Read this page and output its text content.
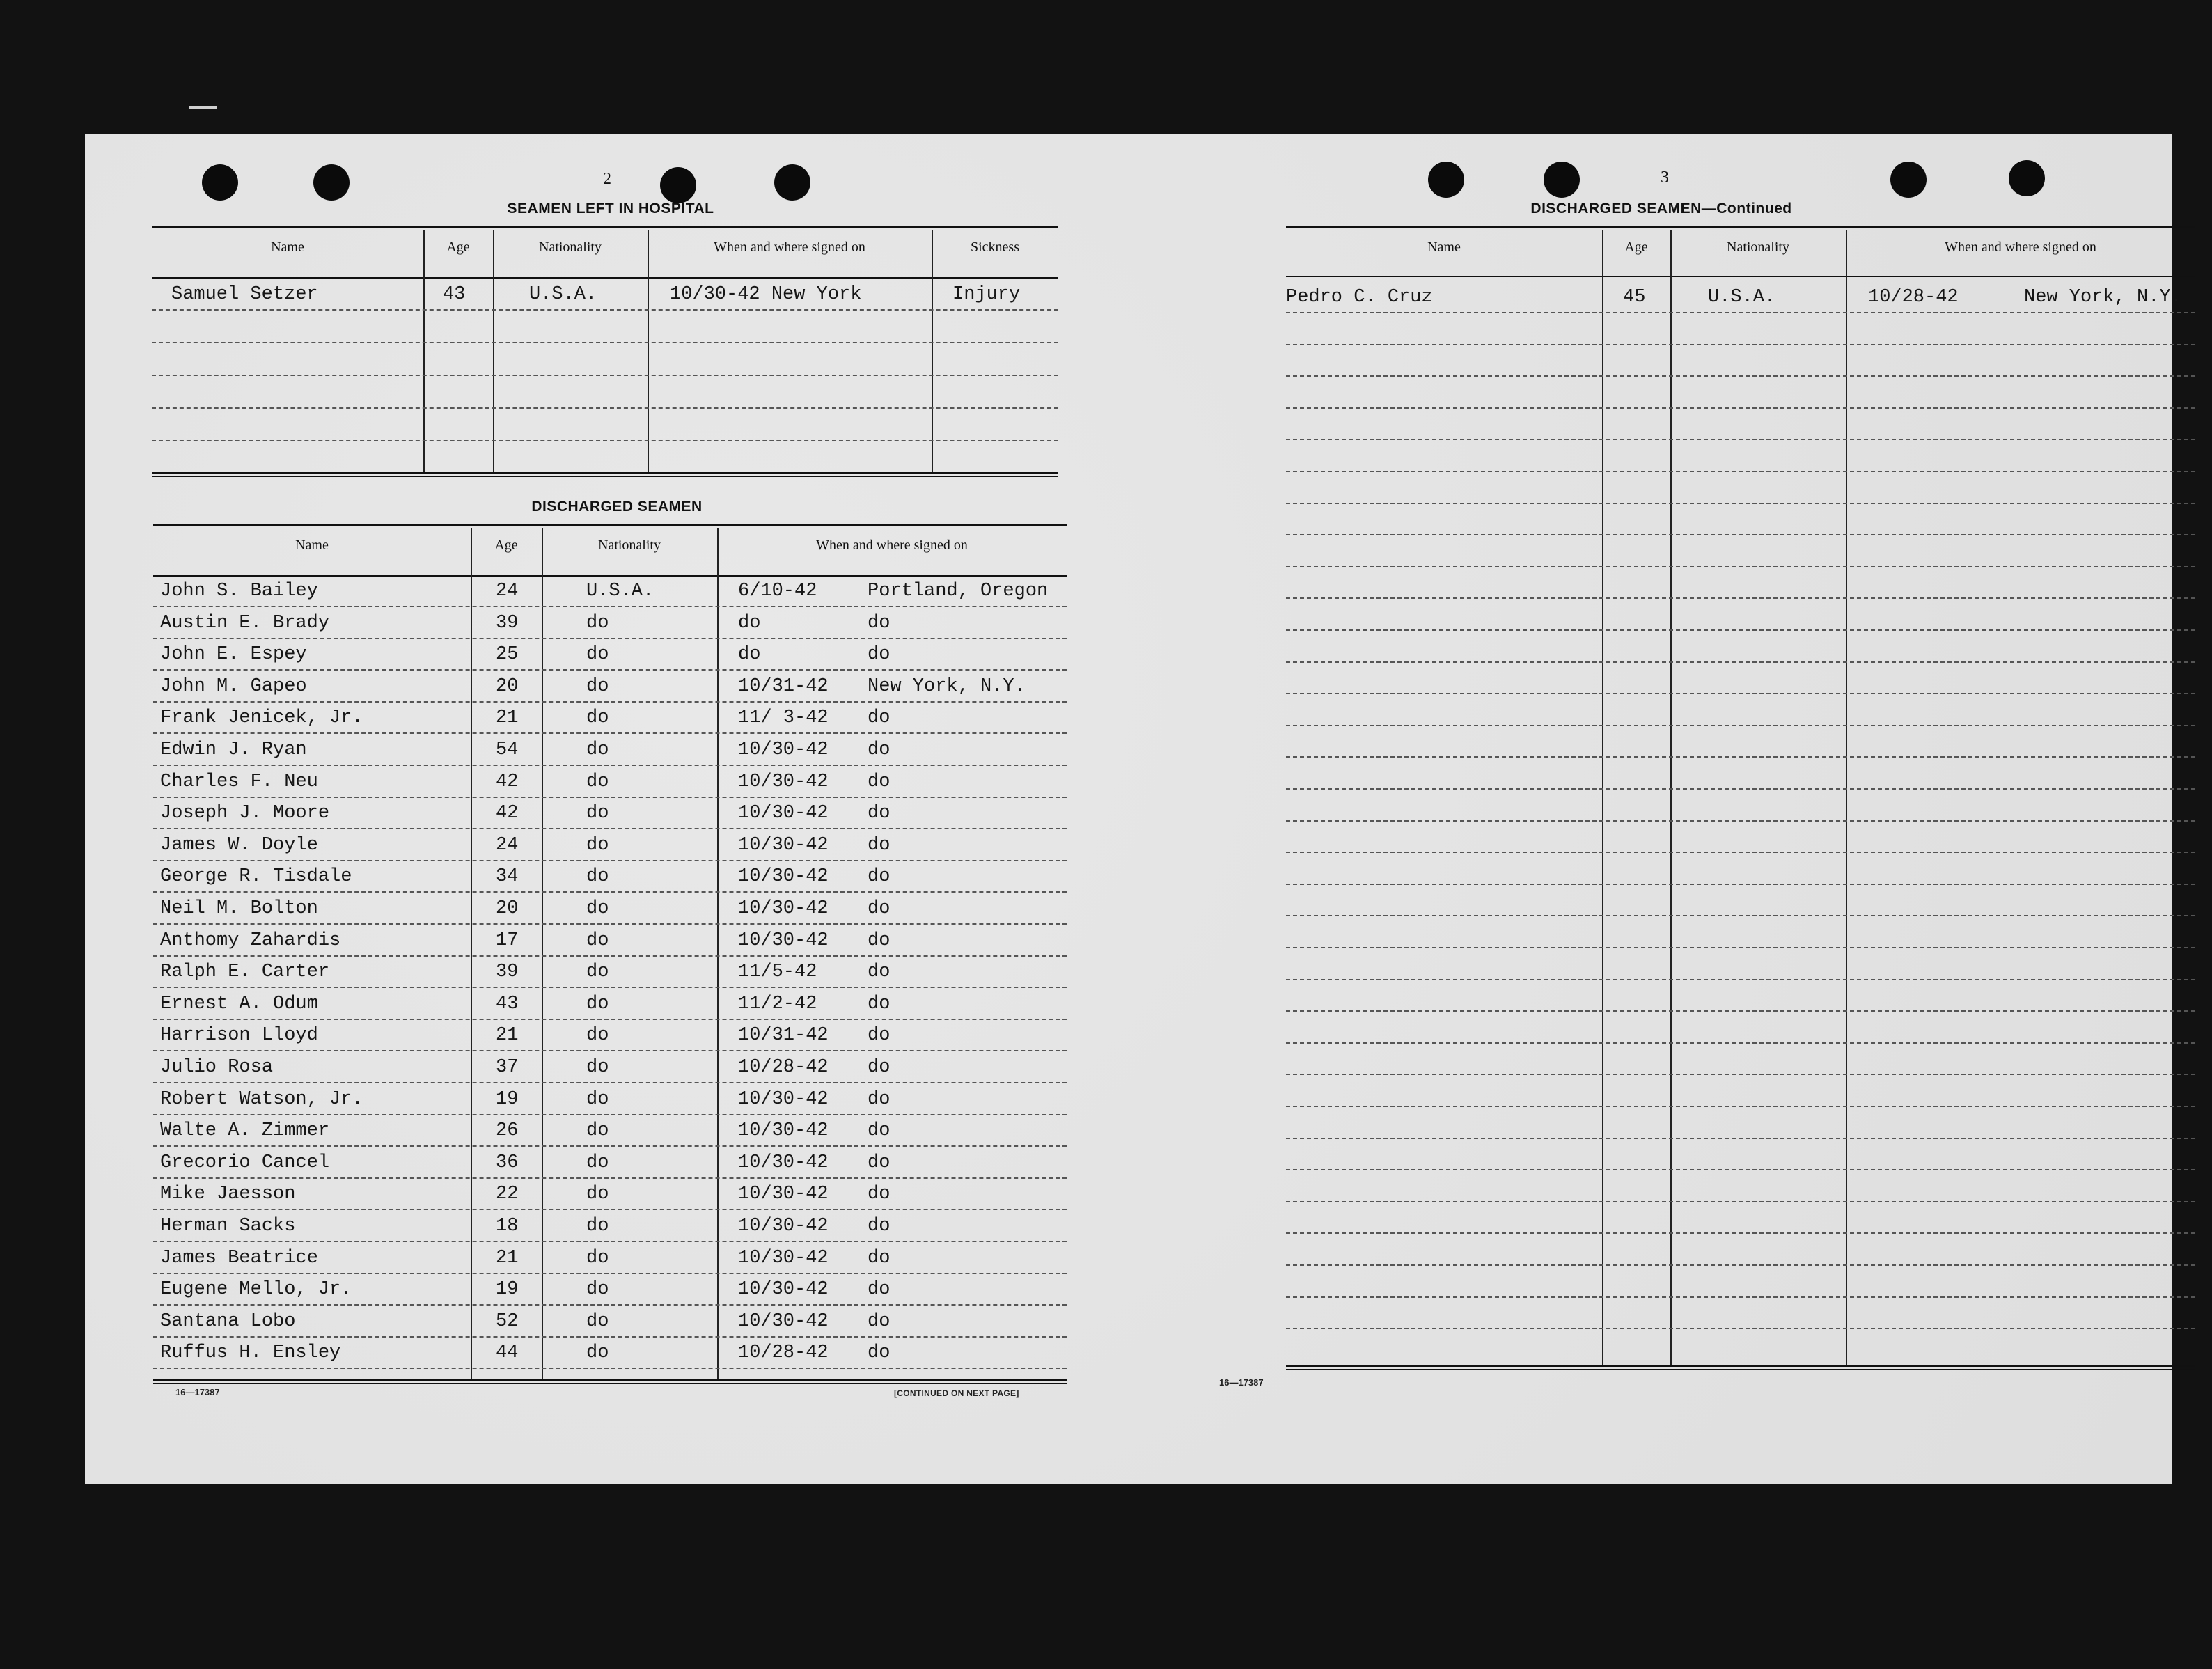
2
SEAMEN LEFT IN HOSPITAL
Name	Age	Nationality	When and where signed on	Sickness
Samuel Setzer	43	U.S.A.	10/30-42 New York	Injury
DISCHARGED SEAMEN
Name	Age	Nationality	When and where signed on
John S. Bailey	24	U.S.A.	6/10-42	Portland, Oregon
Austin E. Brady	39	do	do	do
John E. Espey	25	do	do	do
John M. Gapeo	20	do	10/31-42 New York, N.Y.
Frank Jenicek, Jr.	21	do	11/ 3-42 do
Edwin J. Ryan	54	do	10/30-42 do
Charles F. Neu	42	do	10/30-42 do
Joseph J. Moore	42	do	10/30-42 do
James W. Doyle	24	do	10/30-42 do
George R. Tisdale	34	do	10/30-42 do
Neil M. Bolton	20	do	10/30-42 do
Anthomy Zahardis	17	do	10/30-42 do
Ralph E. Carter	39	do	11/5-42	do
Ernest A. Odum	43	do	11/2-42	do
Harrison Lloyd	21	do	10/31-42 do
Julio Rosa	37	do	10/28-42 do
Robert Watson, Jr.	19	do	10/30-42 do
Walte A. Zimmer	26	do	10/30-42 do
Grecorio Cancel	36	do	10/30-42 do
Mike Jaesson	22	do	10/30-42 do
Herman Sacks	18	do	10/30-42 do
James Beatrice	21	do	10/30-42 do
Eugene Mello, Jr.	19	do	10/30-42 do
Santana Lobo	52	do	10/30-42 do
Ruffus H. Ensley	44	do	10/28-42 do
16—17387	[CONTINUED ON NEXT PAGE]
3
DISCHARGED SEAMEN—Continued
Name	Age	Nationality	When and where signed on
Pedro C. Cruz	45	U.S.A.	10/28-42	New York, N.Y.
16—17387
